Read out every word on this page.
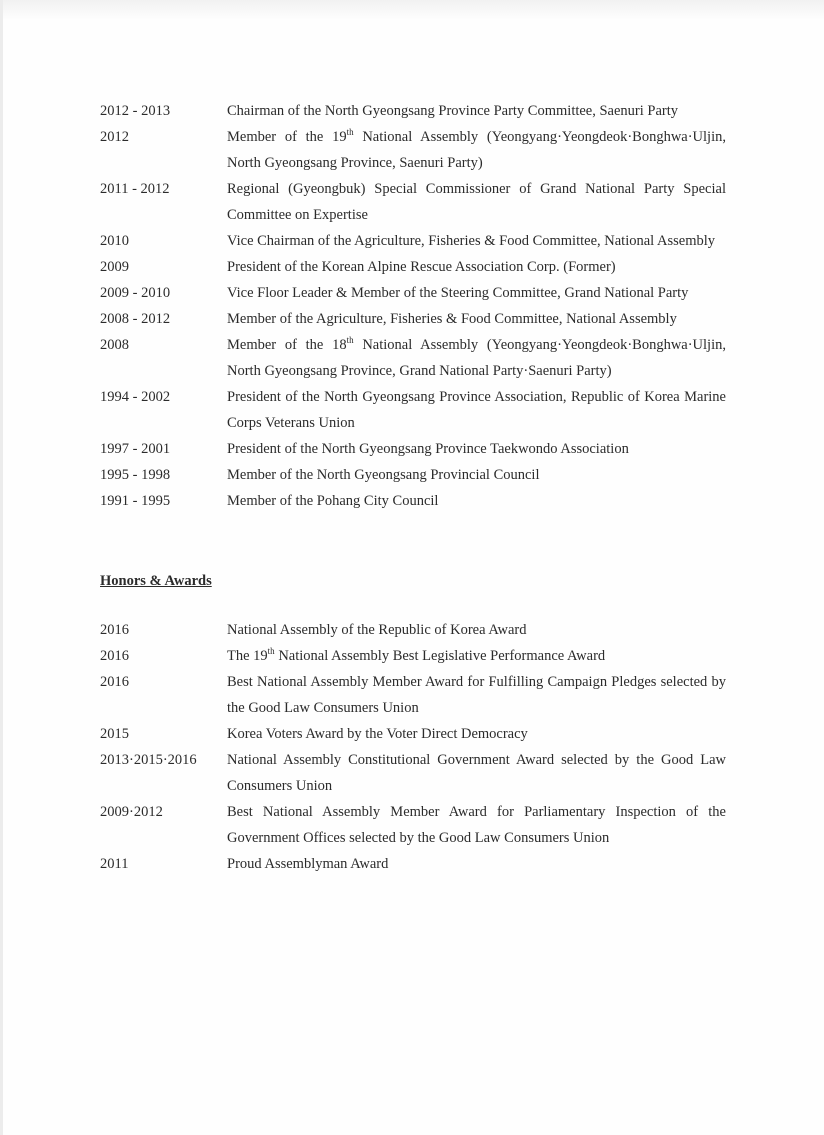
2012 - 2013	Chairman of the North Gyeongsang Province Party Committee, Saenuri Party
2012	Member of the 19th National Assembly (Yeongyang·Yeongdeok·Bonghwa·Uljin, North Gyeongsang Province, Saenuri Party)
2011 - 2012	Regional (Gyeongbuk) Special Commissioner of Grand National Party Special Committee on Expertise
2010	Vice Chairman of the Agriculture, Fisheries & Food Committee, National Assembly
2009	President of the Korean Alpine Rescue Association Corp. (Former)
2009 - 2010	Vice Floor Leader & Member of the Steering Committee, Grand National Party
2008 - 2012	Member of the Agriculture, Fisheries & Food Committee, National Assembly
2008	Member of the 18th National Assembly (Yeongyang·Yeongdeok·Bonghwa·Uljin, North Gyeongsang Province, Grand National Party·Saenuri Party)
1994 - 2002	President of the North Gyeongsang Province Association, Republic of Korea Marine Corps Veterans Union
1997 - 2001	President of the North Gyeongsang Province Taekwondo Association
1995 - 1998	Member of the North Gyeongsang Provincial Council
1991 - 1995	Member of the Pohang City Council
Honors & Awards
2016	National Assembly of the Republic of Korea Award
2016	The 19th National Assembly Best Legislative Performance Award
2016	Best National Assembly Member Award for Fulfilling Campaign Pledges selected by the Good Law Consumers Union
2015	Korea Voters Award by the Voter Direct Democracy
2013·2015·2016	National Assembly Constitutional Government Award selected by the Good Law Consumers Union
2009·2012	Best National Assembly Member Award for Parliamentary Inspection of the Government Offices selected by the Good Law Consumers Union
2011	Proud Assemblyman Award
